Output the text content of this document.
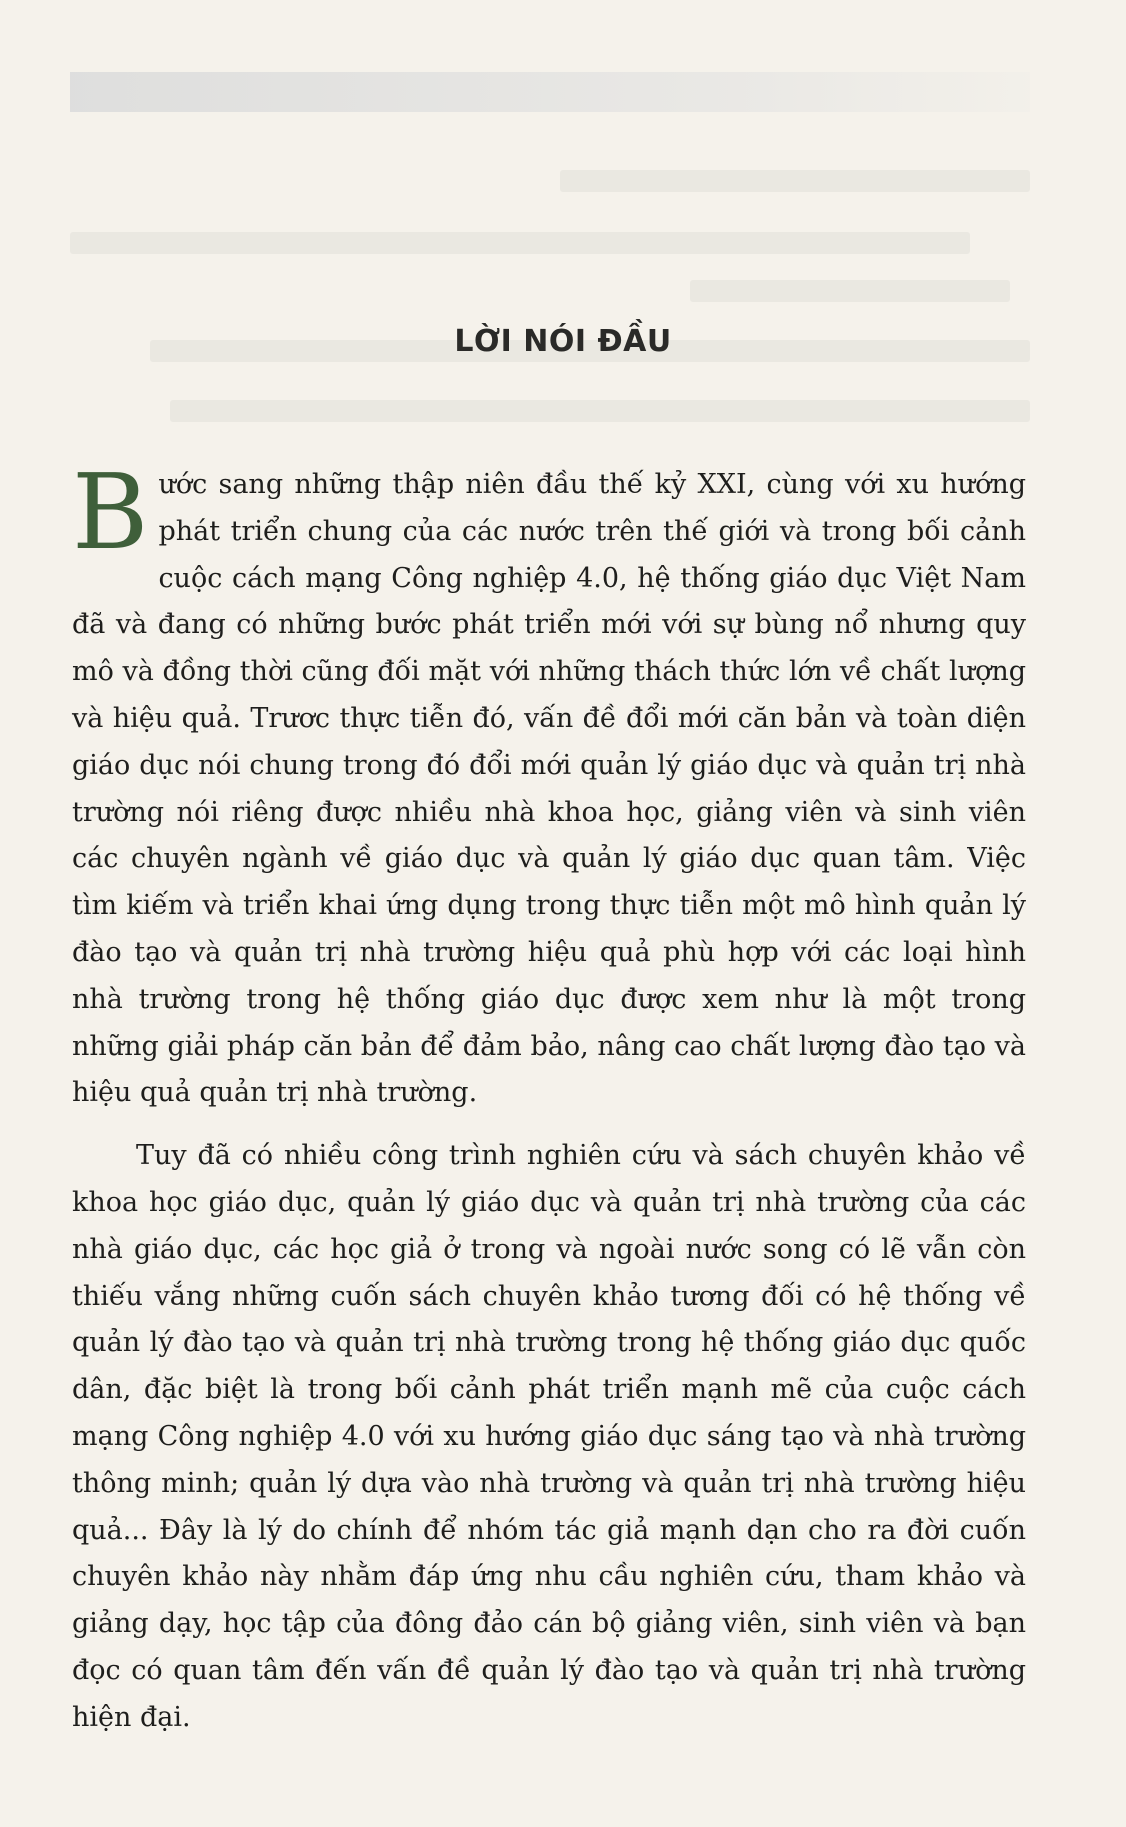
LỜI NÓI ĐẦU

Bước sang những thập niên đầu thế kỷ XXI, cùng với xu hướng phát triển chung của các nước trên thế giới và trong bối cảnh cuộc cách mạng Công nghiệp 4.0, hệ thống giáo dục Việt Nam đã và đang có những bước phát triển mới với sự bùng nổ nhưng quy mô và đồng thời cũng đối mặt với những thách thức lớn về chất lượng và hiệu quả. Trươc thực tiễn đó, vấn đề đổi mới căn bản và toàn diện giáo dục nói chung trong đó đổi mới quản lý giáo dục và quản trị nhà trường nói riêng được nhiều nhà khoa học, giảng viên và sinh viên các chuyên ngành về giáo dục và quản lý giáo dục quan tâm. Việc tìm kiếm và triển khai ứng dụng trong thực tiễn một mô hình quản lý đào tạo và quản trị nhà trường hiệu quả phù hợp với các loại hình nhà trường trong hệ thống giáo dục được xem như là một trong những giải pháp căn bản để đảm bảo, nâng cao chất lượng đào tạo và hiệu quả quản trị nhà trường.

Tuy đã có nhiều công trình nghiên cứu và sách chuyên khảo về khoa học giáo dục, quản lý giáo dục và quản trị nhà trường của các nhà giáo dục, các học giả ở trong và ngoài nước song có lẽ vẫn còn thiếu vắng những cuốn sách chuyên khảo tương đối có hệ thống về quản lý đào tạo và quản trị nhà trường trong hệ thống giáo dục quốc dân, đặc biệt là trong bối cảnh phát triển mạnh mẽ của cuộc cách mạng Công nghiệp 4.0 với xu hướng giáo dục sáng tạo và nhà trường thông minh; quản lý dựa vào nhà trường và quản trị nhà trường hiệu quả... Đây là lý do chính để nhóm tác giả mạnh dạn cho ra đời cuốn chuyên khảo này nhằm đáp ứng nhu cầu nghiên cứu, tham khảo và giảng dạy, học tập của đông đảo cán bộ giảng viên, sinh viên và bạn đọc có quan tâm đến vấn đề quản lý đào tạo và quản trị nhà trường hiện đại.
